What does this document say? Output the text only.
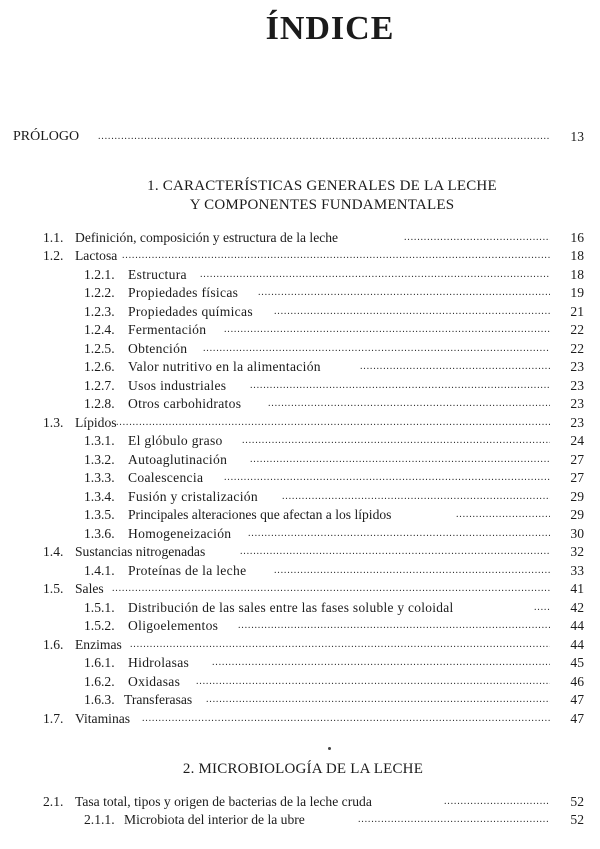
ÍNDICE
PRÓLOGO .....	13
1. CARACTERÍSTICAS GENERALES DE LA LECHE
Y COMPONENTES FUNDAMENTALES
1.1. Definición, composición y estructura de la leche .....	16
1.2. Lactosa .....	18
1.2.1. Estructura .....	18
1.2.2. Propiedades físicas .....	19
1.2.3. Propiedades químicas .....	21
1.2.4. Fermentación .....	22
1.2.5. Obtención .....	22
1.2.6. Valor nutritivo en la alimentación .....	23
1.2.7. Usos industriales .....	23
1.2.8. Otros carbohidratos .....	23
1.3. Lípidos .....	23
1.3.1. El glóbulo graso .....	24
1.3.2. Autoaglutinación .....	27
1.3.3. Coalescencia .....	27
1.3.4. Fusión y cristalización .....	29
1.3.5. Principales alteraciones que afectan a los lípidos .....	29
1.3.6. Homogeneización .....	30
1.4. Sustancias nitrogenadas .....	32
1.4.1. Proteínas de la leche .....	33
1.5. Sales .....	41
1.5.1. Distribución de las sales entre las fases soluble y coloidal .....	42
1.5.2. Oligoelementos .....	44
1.6. Enzimas .....	44
1.6.1. Hidrolasas .....	45
1.6.2. Oxidasas .....	46
1.6.3. Transferasas .....	47
1.7. Vitaminas .....	47
2. MICROBIOLOGÍA DE LA LECHE
2.1. Tasa total, tipos y origen de bacterias de la leche cruda .....	52
2.1.1. Microbiota del interior de la ubre .....	52
